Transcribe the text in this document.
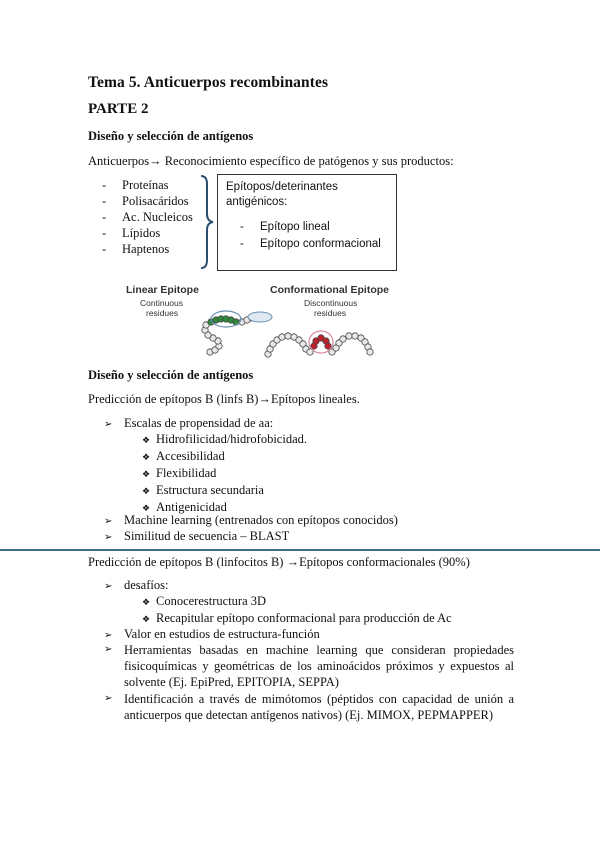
Tema 5. Anticuerpos recombinantes
PARTE 2
Diseño y selección de antígenos
Anticuerpos→ Reconocimiento específico de patógenos y sus productos:
- Proteínas
- Polisacáridos
- Ac. Nucleicos
- Lípidos
- Haptenos
Epítopos/deterinantes
antigénicos:
- Epítopo lineal
- Epítopo conformacional
Linear Epitope
Continuous
residues
Conformational Epitope
Discontinuous
residues
Diseño y selección de antígenos
Predicción de epítopos B (linfs B)→Epítopos lineales.
➢ Escalas de propensidad de aa:
❖ Hidrofilicidad/hidrofobicidad.
❖ Accesibilidad
❖ Flexibilidad
❖ Estructura secundaria
❖ Antigenicidad
➢ Machine learning (entrenados con epítopos conocidos)
➢ Similitud de secuencia – BLAST
Predicción de epítopos B (linfocitos B) →Epítopos conformacionales (90%)
➢ desafíos:
❖ Conocerestructura 3D
❖ Recapitular epítopo conformacional para producción de Ac
➢ Valor en estudios de estructura-función
➢ Herramientas basadas en machine learning que consideran propiedades fisicoquímicas y geométricas de los aminoácidos próximos y expuestos al solvente (Ej. EpiPred, EPITOPIA, SEPPA)
➢ Identificación a través de mimótomos (péptidos con capacidad de unión a anticuerpos que detectan antígenos nativos) (Ej. MIMOX, PEPMAPPER)
